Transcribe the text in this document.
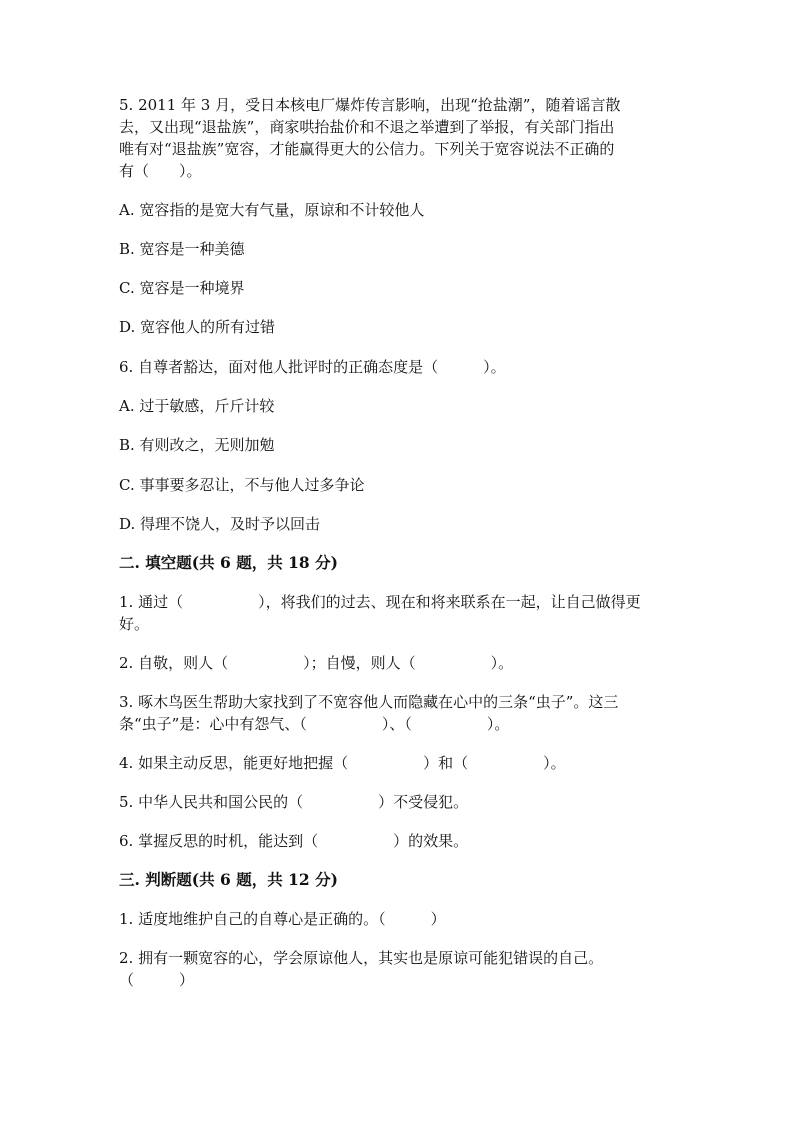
5. 2011 年 3 月，受日本核电厂爆炸传言影响，出现“抢盐潮”，随着谣言散
去，又出现“退盐族”，商家哄抬盐价和不退之举遭到了举报，有关部门指出
唯有对“退盐族”宽容，才能赢得更大的公信力。下列关于宽容说法不正确的
有（　　）。
A. 宽容指的是宽大有气量，原谅和不计较他人
B. 宽容是一种美德
C. 宽容是一种境界
D. 宽容他人的所有过错
6. 自尊者豁达，面对他人批评时的正确态度是（　　　）。
A. 过于敏感，斤斤计较
B. 有则改之，无则加勉
C. 事事要多忍让，不与他人过多争论
D. 得理不饶人，及时予以回击
二. 填空题(共 6 题，共 18 分)
1. 通过（　　　　　），将我们的过去、现在和将来联系在一起，让自己做得更
好。
2. 自敬，则人（　　　　　）；自慢，则人（　　　　　）。
3. 啄木鸟医生帮助大家找到了不宽容他人而隐藏在心中的三条“虫子”。这三
条“虫子”是：心中有怨气、（　　　　　）、（　　　　　）。
4. 如果主动反思，能更好地把握（　　　　　）和（　　　　　）。
5. 中华人民共和国公民的（　　　　　）不受侵犯。
6. 掌握反思的时机，能达到（　　　　　）的效果。
三. 判断题(共 6 题，共 12 分)
1. 适度地维护自己的自尊心是正确的。（　　　）
2. 拥有一颗宽容的心，学会原谅他人，其实也是原谅可能犯错误的自己。
（　　　）
